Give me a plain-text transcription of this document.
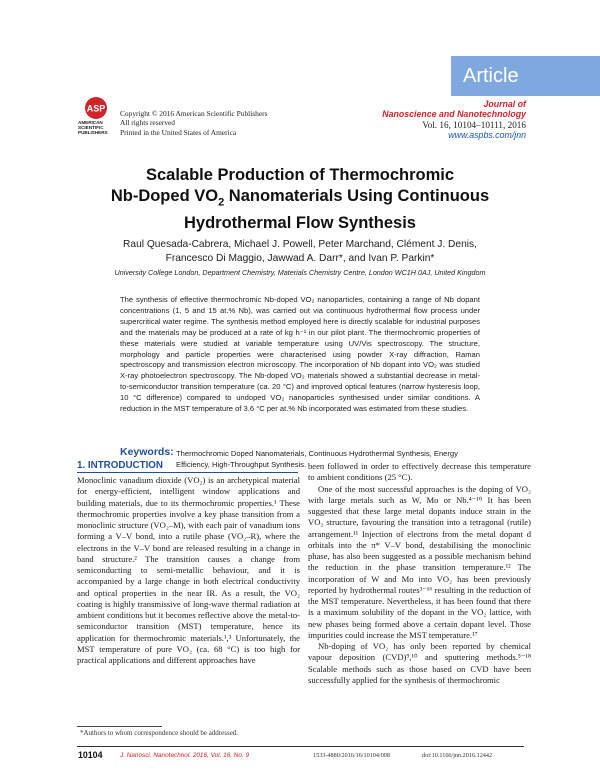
Article
ASP
AMERICAN
SCIENTIFIC
PUBLISHERS
Copyright © 2016 American Scientific Publishers
All rights reserved
Printed in the United States of America
Journal of
Nanoscience and Nanotechnology
Vol. 16, 10104–10111, 2016
www.aspbs.com/jnn
Scalable Production of Thermochromic
Nb-Doped $VO_2$ Nanomaterials Using Continuous
Hydrothermal Flow Synthesis
Raul Quesada-Cabrera, Michael J. Powell, Peter Marchand, Clément J. Denis,
Francesco Di Maggio, Jawwad A. Darr*, and Ivan P. Parkin*
University College London, Department Chemistry, Materials Chemistry Centre, London WC1H 0AJ, United Kingdom
The synthesis of effective thermochromic Nb-doped VO₂ nanoparticles, containing a range of Nb dopant concentrations (1, 5 and 15 at.% Nb), was carried out via continuous hydrothermal flow process under supercritical water regime. The synthesis method employed here is directly scalable for industrial purposes and the materials may be produced at a rate of kg h⁻¹ in our pilot plant. The thermochromic properties of these materials were studied at variable temperature using UV/Vis spectroscopy. The structure, morphology and particle properties were characterised using powder X-ray diffraction, Raman spectroscopy and transmission electron microscopy. The incorporation of Nb dopant into VO₂ was studied X-ray photoelectron spectroscopy. The Nb-doped VO₂ materials showed a substantial decrease in metal-to-semiconductor transition temperature (ca. 20 °C) and improved optical features (narrow hysteresis loop, 10 °C difference) compared to undoped VO₂ nanoparticles synthesised under similar conditions. A reduction in the MST temperature of 3.6 °C per at.% Nb incorporated was estimated from these studies.
Keywords: Thermochromic Doped Nanomaterials, Continuous Hydrothermal Synthesis, Energy Efficiency, High-Throughput Synthesis.
1. INTRODUCTION

Monoclinic vanadium dioxide (VO₂) is an archetypical material for energy-efficient, intelligent window applications and building materials, due to its thermochromic properties.¹ These thermochromic properties involve a key phase transition from a monoclinic structure (VO₂–M), with each pair of vanadium ions forming a V–V bond, into a rutile phase (VO₂–R), where the electrons in the V–V bond are released resulting in a change in band structure.² The transition causes a change from semiconducting to semi-metallic behaviour, and it is accompanied by a large change in both electrical conductivity and optical properties in the near IR. As a result, the VO₂ coating is highly transmissive of long-wave thermal radiation at ambient conditions but it becomes reflective above the metal-to-semiconductor transition (MST) temperature, hence its application for thermochromic materials.¹,³ Unfortunately, the MST temperature of pure VO₂ (ca. 68 °C) is too high for practical applications and different approaches have

been followed in order to effectively decrease this temperature to ambient conditions (25 °C).

One of the most successful approaches is the doping of VO₂ with large metals such as W, Mo or Nb.⁴⁻¹⁰ It has been suggested that these large metal dopants induce strain in the VO₂ structure, favouring the transition into a tetragonal (rutile) arrangement.¹¹ Injection of electrons from the metal dopant d orbitals into the π* V–V bond, destabilising the monoclinic phase, has also been suggested as a possible mechanism behind the reduction in the phase transition temperature.¹² The incorporation of W and Mo into VO₂ has been previously reported by hydrothermal routes³⁻¹⁶ resulting in the reduction of the MST temperature. Nevertheless, it has been found that there is a maximum solubility of the dopant in the VO₂ lattice, with new phases being formed above a certain dopant level. Those impurities could increase the MST temperature.¹⁷

Nb-doping of VO₂ has only been reported by chemical vapour deposition (CVD)⁹,¹⁰ and sputtering methods.⁵⁻¹⁸ Scalable methods such as those based on CVD have been successfully applied for the synthesis of thermochromic

*Authors to whom correspondence should be addressed.
10104	J. Nanosci. Nanotechnol. 2016, Vol. 16, No. 9	1533-4880/2016/16/10104/008	doi:10.1166/jnn.2016.12442
